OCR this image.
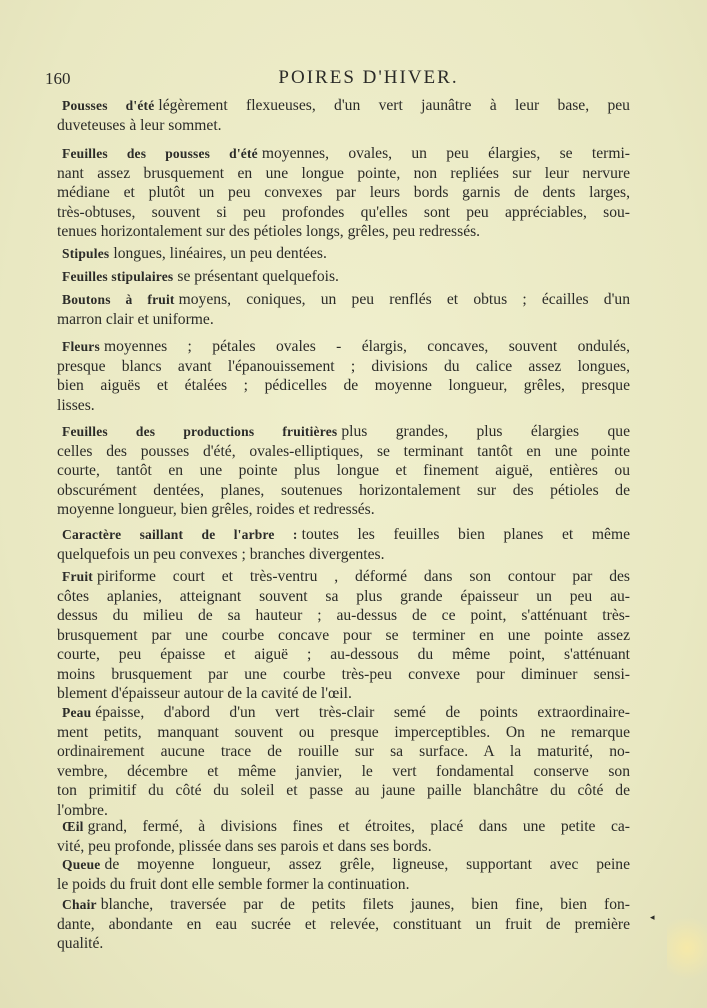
160	POIRES D'HIVER.
Pousses d'été légèrement flexueuses, d'un vert jaunâtre à leur base, peu
duveteuses à leur sommet.
Feuilles des pousses d'été moyennes, ovales, un peu élargies, se termi-
nant assez brusquement en une longue pointe, non repliées sur leur nervure
médiane et plutôt un peu convexes par leurs bords garnis de dents larges,
très-obtuses, souvent si peu profondes qu'elles sont peu appréciables, sou-
tenues horizontalement sur des pétioles longs, grêles, peu redressés.
Stipules longues, linéaires, un peu dentées.
Feuilles stipulaires se présentant quelquefois.
Boutons à fruit moyens, coniques, un peu renflés et obtus ; écailles d'un
marron clair et uniforme.
Fleurs moyennes ; pétales ovales - élargis, concaves, souvent ondulés,
presque blancs avant l'épanouissement ; divisions du calice assez longues,
bien aiguës et étalées ; pédicelles de moyenne longueur, grêles, presque
lisses.
Feuilles des productions fruitières plus grandes, plus élargies que
celles des pousses d'été, ovales-elliptiques, se terminant tantôt en une pointe
courte, tantôt en une pointe plus longue et finement aiguë, entières ou
obscurément dentées, planes, soutenues horizontalement sur des pétioles de
moyenne longueur, bien grêles, roides et redressés.
Caractère saillant de l'arbre : toutes les feuilles bien planes et même
quelquefois un peu convexes ; branches divergentes.
Fruit piriforme court et très-ventru , déformé dans son contour par des
côtes aplanies, atteignant souvent sa plus grande épaisseur un peu au-
dessus du milieu de sa hauteur ; au-dessus de ce point, s'atténuant très-
brusquement par une courbe concave pour se terminer en une pointe assez
courte, peu épaisse et aiguë ; au-dessous du même point, s'atténuant
moins brusquement par une courbe très-peu convexe pour diminuer sensi-
blement d'épaisseur autour de la cavité de l'œil.
Peau épaisse, d'abord d'un vert très-clair semé de points extraordinaire-
ment petits, manquant souvent ou presque imperceptibles. On ne remarque
ordinairement aucune trace de rouille sur sa surface. A la maturité, no-
vembre, décembre et même janvier, le vert fondamental conserve son
ton primitif du côté du soleil et passe au jaune paille blanchâtre du côté de
l'ombre.
Œil grand, fermé, à divisions fines et étroites, placé dans une petite ca-
vité, peu profonde, plissée dans ses parois et dans ses bords.
Queue de moyenne longueur, assez grêle, ligneuse, supportant avec peine
le poids du fruit dont elle semble former la continuation.
Chair blanche, traversée par de petits filets jaunes, bien fine, bien fon-
dante, abondante en eau sucrée et relevée, constituant un fruit de première
qualité.
◂
